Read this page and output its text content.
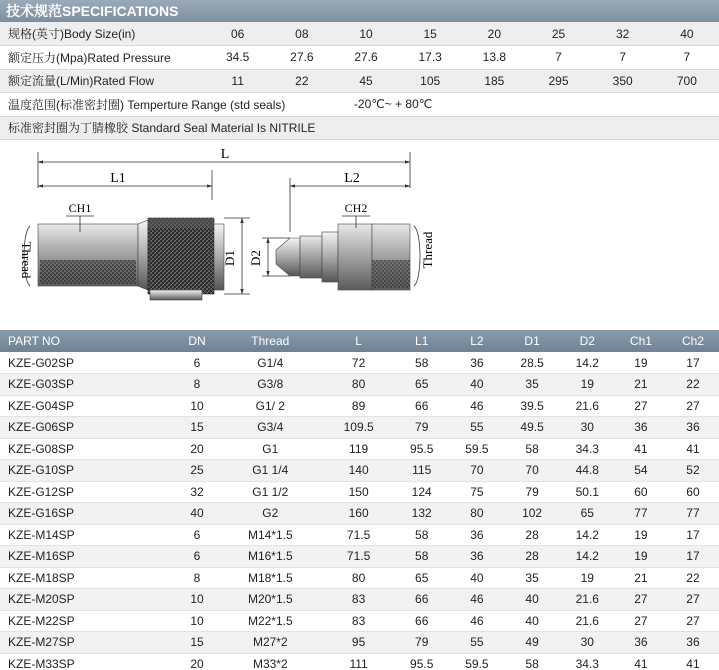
技术规范SPECIFICATIONS
规格(英寸)Body Size(in)	06	08	10	15	20	25	32	40
额定压力(Mpa)Rated Pressure	34.5	27.6	27.6	17.3	13.8	7	7	7
额定流量(L/Min)Rated Flow	11	22	45	105	185	295	350	700
温度范围(标准密封圈) Temperture Range (std seals)			-20℃~ + 80℃					
标准密封圈为丁腈橡胶 Standard Seal Material Is NITRILE								
L
L1	L2
Thread
CH1
D1 D2
CH2
Thread
PART NO	DN	Thread	L	L1	L2	D1	D2	Ch1	Ch2
KZE-G02SP	6	G1/4	72	58	36	28.5	14.2	19	17
KZE-G03SP	8	G3/8	80	65	40	35	19	21	22
KZE-G04SP	10	G1/ 2	89	66	46	39.5	21.6	27	27
KZE-G06SP	15	G3/4	109.5	79	55	49.5	30	36	36
KZE-G08SP	20	G1	119	95.5	59.5	58	34.3	41	41
KZE-G10SP	25	G1 1/4	140	115	70	70	44.8	54	52
KZE-G12SP	32	G1 1/2	150	124	75	79	50.1	60	60
KZE-G16SP	40	G2	160	132	80	102	65	77	77
KZE-M14SP	6	M14*1.5	71.5	58	36	28	14.2	19	17
KZE-M16SP	6	M16*1.5	71.5	58	36	28	14.2	19	17
KZE-M18SP	8	M18*1.5	80	65	40	35	19	21	22
KZE-M20SP	10	M20*1.5	83	66	46	40	21.6	27	27
KZE-M22SP	10	M22*1.5	83	66	46	40	21.6	27	27
KZE-M27SP	15	M27*2	95	79	55	49	30	36	36
KZE-M33SP	20	M33*2	111	95.5	59.5	58	34.3	41	41
